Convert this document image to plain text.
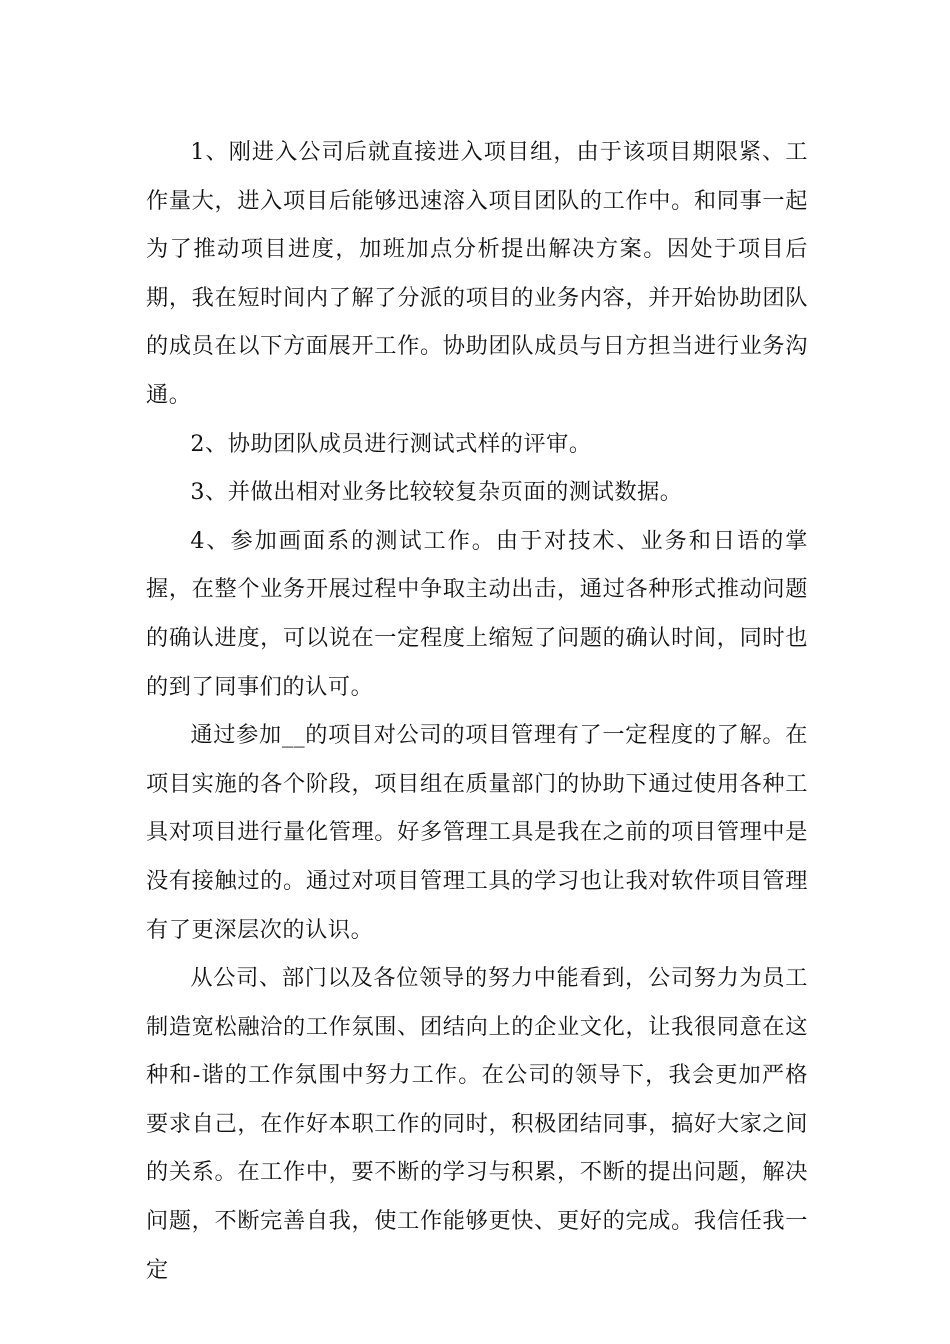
1、刚进入公司后就直接进入项目组，由于该项目期限紧、工作量大，进入项目后能够迅速溶入项目团队的工作中。和同事一起为了推动项目进度，加班加点分析提出解决方案。因处于项目后期，我在短时间内了解了分派的项目的业务内容，并开始协助团队的成员在以下方面展开工作。协助团队成员与日方担当进行业务沟通。

2、协助团队成员进行测试式样的评审。

3、并做出相对业务比较较复杂页面的测试数据。

4、参加画面系的测试工作。由于对技术、业务和日语的掌握，在整个业务开展过程中争取主动出击，通过各种形式推动问题的确认进度，可以说在一定程度上缩短了问题的确认时间，同时也的到了同事们的认可。

通过参加__的项目对公司的项目管理有了一定程度的了解。在项目实施的各个阶段，项目组在质量部门的协助下通过使用各种工具对项目进行量化管理。好多管理工具是我在之前的项目管理中是没有接触过的。通过对项目管理工具的学习也让我对软件项目管理有了更深层次的认识。

从公司、部门以及各位领导的努力中能看到，公司努力为员工制造宽松融洽的工作氛围、团结向上的企业文化，让我很同意在这种和-谐的工作氛围中努力工作。在公司的领导下，我会更加严格要求自己，在作好本职工作的同时，积极团结同事，搞好大家之间的关系。在工作中，要不断的学习与积累，不断的提出问题，解决问题，不断完善自我，使工作能够更快、更好的完成。我信任我一定
